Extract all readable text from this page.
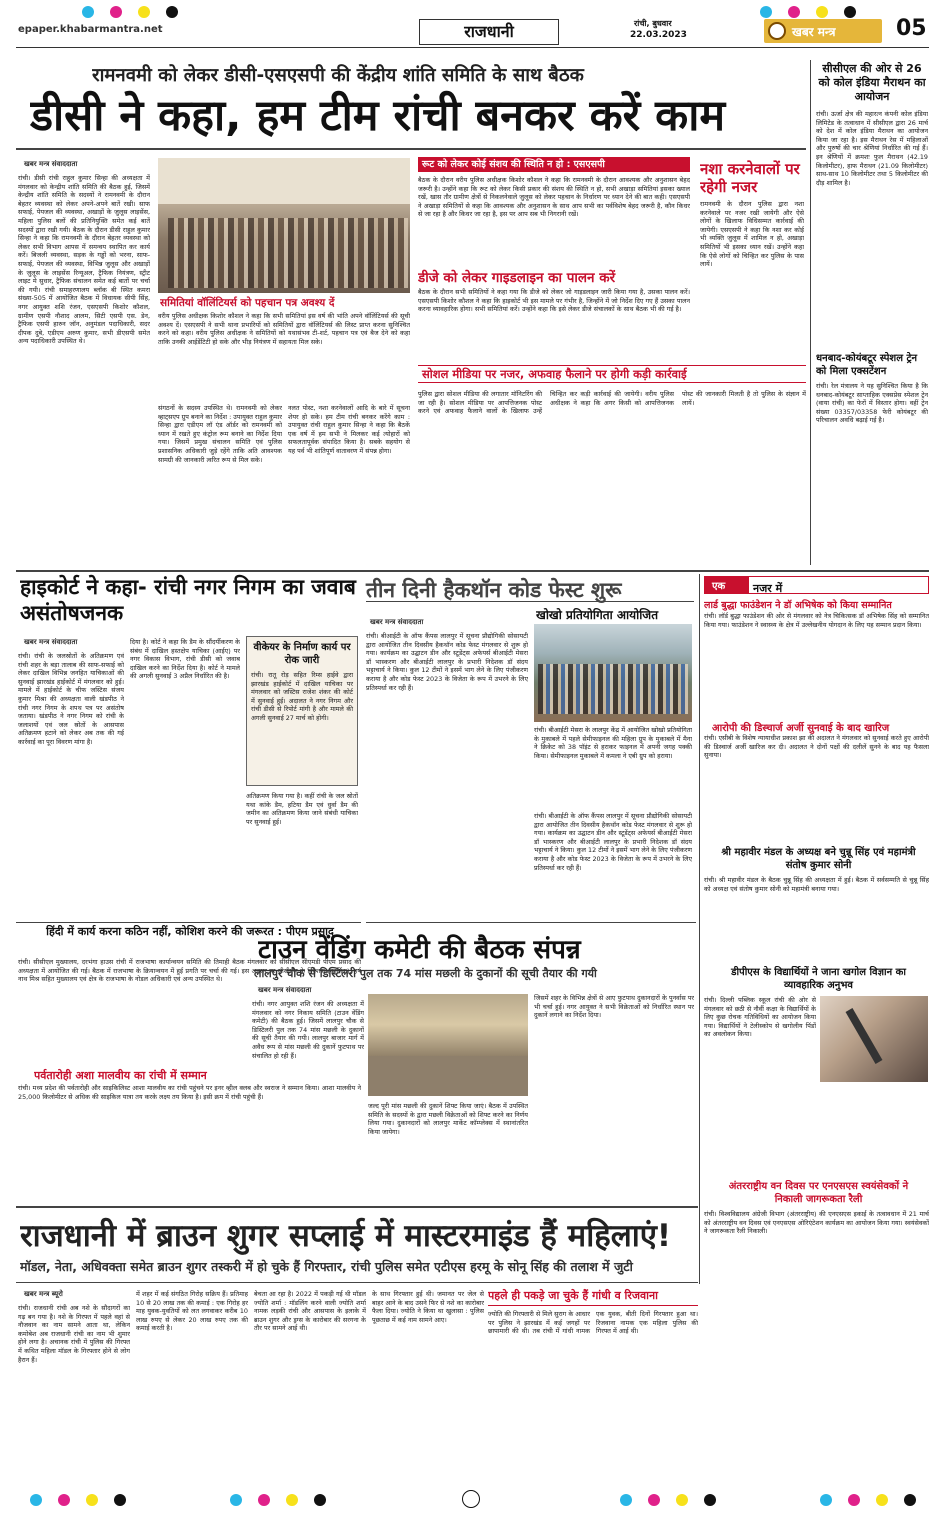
epaper.khabarmantra.net	राजधानी	रांची, बुधवार
22.03.2023	खबर मन्त्र	05
रामनवमी को लेकर डीसी-एसएसपी की केंद्रीय शांति समिति के साथ बैठक
डीसी ने कहा, हम टीम रांची बनकर करें काम
खबर मन्त्र संवाददाता
रांची। डीसी रांची राहुल कुमार सिन्हा की अध्यक्षता में मंगलवार को केन्द्रीय शांति समिति की बैठक हुई, जिसमें केन्द्रीय शांति समिति के सदस्यों ने रामनवमी के दौरान बेहतर व्यवस्था को लेकर अपने-अपने बातें रखी। साफ सफाई, पेयजल की व्यवस्था, अखाड़ों के जुलूस लाइसेंस, महिला पुलिस बलों की प्रतिनियुक्ति समेत कई बातें सदस्यों द्वारा रखी गयी। बैठक के दौरान डीसी राहुल कुमार सिन्हा ने कहा कि रामनवमी के दौरान बेहतर व्यवस्था को लेकर सभी विभाग आपस में समन्वय स्थापित कर कार्य करें। बिजली व्यवस्था, सड़क के गड्ढों को भरना, साफ-सफाई, पेयजल की व्यवस्था, विभिन्न जुलूस और अखाड़ों के जुलूस के लाइसेंस रिन्यूअल, ट्रैफिक नियंत्रण, स्ट्रीट लाइट मे सुधार, ट्रैफिक संचालन समेत कई बातों पर चर्चा की गयी। रांची समाहरणालय ब्लॉक बी स्थित कमरा संख्या-505 में आयोजित बैठक में विधायक सीपी सिंह, नगर आयुक्त शशि रंजन, एसएसपी किशोर कौशल, ग्रामीण एसपी नौशाद आलम, सिटी एसपी एस. डेन, ट्रैफिक एसपी हारुन जॉन, अनुमंडल पदाधिकारी, सदर दीपक दुबे, एडीएम अरुण कुमार, सभी डीएसपी समेत अन्य पदाधिकारी उपस्थित थे।
समितियां वॉलिंटियर्स को पहचान पत्र अवश्य दें
वरीय पुलिस अधीक्षक किशोर कौशल ने कहा कि सभी समितियां इस वर्ष की भांति अपने वॉलिंटियर्स की सूची अवश्य दें। एसएसपी ने सभी थाना प्रभारियों को समितियों द्वारा वॉलिंटियर्स की लिस्ट प्राप्त करना सुनिश्चित करने को कहा। वरीय पुलिस अधीक्षक ने समितियों को यथासंभव टी-शर्ट, पहचान पत्र एवं बैज देने को कहा ताकि उनकी आईडेंटिटी हो सके और भीड़ नियंत्रण में सहायता मिल सके।
संगठनों के सदस्य उपस्थित थे। रामनवमी को लेकर व्हाट्सएप ग्रुप बनाने का निर्देश : उपायुक्त राहुल कुमार सिन्हा द्वारा एडीएम लॉ एंड ऑर्डर को रामनवमी को ध्यान में रखते हुए कंट्रोल रूम बनाने का निर्देश दिया गया। जिसमें प्रमुख संचालन समिति एवं पुलिस प्रशासनिक अधिकारी जुड़े रहेंगे ताकि अति आवश्यक सामग्री की जानकारी त्वरित रूप से मिल सके।
नलत पोस्ट, नशा करनेवालों आदि के बारे में सूचना शेयर हो सके। हम टीम रांची बनकर करेंगे काम : उपायुक्त रांची राहुल कुमार सिन्हा ने कहा कि बैठकें एक वर्ष में हम सभी ने मिलकर कई त्योहारों को सफलतापूर्वक संपादित किया है। सबके सहयोग से यह पर्व भी शांतिपूर्ण वातावरण में संपन्न होगा।
रूट को लेकर कोई संशय की स्थिति न हो : एसएसपी
बैठक के दौरान वरीय पुलिस अधीक्षक किशोर कौशल ने कहा कि रामनवमी के दौरान आवश्यक और अनुशासन बेहद जरूरी है। उन्होंने कहा कि रूट को लेकर किसी प्रकार की संशय की स्थिति न हो, सभी अखाड़ा समितियां इसका ख्याल रखें, खास तौर ग्रामीण क्षेत्रों से निकलनेवाले जुलूस को लेकर पहचान के निर्धारण पर ध्यान देने की बात कही। एसएसपी ने अखाड़ा समितियों से कहा कि आवश्यक और अनुशासन के साथ आप सभी का पर्वविशेष बेहद जरूरी है, कौन किधर से जा रहा है और किधर जा रहा है, इस पर आप सब भी निगरानी रखें।
नशा करनेवालों पर रहेगी नजर
रामनवमी के दौरान पुलिस द्वारा नशा करनेवाले पर नजर रखी जायेगी और ऐसे लोगों के खिलाफ विधिसम्मत कार्रवाई की जायेगी। एसएसपी ने कहा कि नशा कर कोई भी व्यक्ति जुलूस में शामिल न हो, अखाड़ा समितियों भी इसका ध्यान रखें। उन्होंने कहा कि ऐसे लोगों को चिन्हित कर पुलिस के पास लायें।
डीजे को लेकर गाइडलाइन का पालन करें
बैठक के दौरान सभी समितियों ने कहा गया कि डीजे को लेकर जो गाइडलाइन जारी किया गया है, उसका पालन करें। एसएसपी किशोर कौशल ने कहा कि हाइकोर्ट भी इस मामले पर गंभीर है, जिन्होंने में जो निर्देश दिए गए हैं उसका पालन करना व्यावहारिक होगा। सभी समितियां करें। उन्होंने कहा कि इसे लेकर डीजे संचालकों के साथ बैठक भी की गई है।
सोशल मीडिया पर नजर, अफवाह फैलाने पर होगी कड़ी कार्रवाई
पुलिस द्वारा सोशल मीडिया की लगातार मॉनिटरिंग की जा रही है। सोशल मीडिया पर आपत्तिजनक पोस्ट करने एवं अफवाह फैलाने वालों के खिलाफ उन्हें चिन्हित कर कड़ी कार्रवाई की जायेगी। वरीय पुलिस अधीक्षक ने कहा कि अगर किसी को आपत्तिजनक पोस्ट की जानकारी मिलती है तो पुलिस के संज्ञान में लायें।
सीसीएल की ओर से 26 को कोल इंडिया मैराथन का आयोजन
रांची। ऊर्जा क्षेत्र की महारत्न कंपनी कोल इंडिया लिमिटेड के तत्वाधान में सीसीएल द्वारा 26 मार्च को देश में कोल इंडिया मैराथन का आयोजन किया जा रहा है। इस मैराथन रेस में महिलाओं और पुरुषों की चार श्रेणियां निर्धारित की गई हैं। इन श्रेणियों में क्रमशः फुल मैराथन (42.19 किलोमीटर), हाफ मैराथन (21.09 किलोमीटर) साथ-साथ 10 किलोमीटर तथा 5 किलोमीटर की दौड़ शामिल है।
धनबाद-कोयंबटूर स्पेशल ट्रेन को मिला एक्सटेंशन
रांची। रेल मंत्रालय ने यह सुनिश्चित किया है कि धनबाद-कोयंबटूर साप्ताहिक एक्सप्रेस स्पेशल ट्रेन (वाया रांची) का फेरों में विस्तार होगा। वहीं ट्रेन संख्या 03357/03358 फेरी कोयंबटूर की परिचालन अवधि बढ़ाई गई है।
हाइकोर्ट ने कहा- रांची नगर निगम का जवाब असंतोषजनक
खबर मन्त्र संवाददाता
रांची। रांची के जलस्रोतों के अतिक्रमण एवं रांची शहर के बड़ा तालाब की साफ-सफाई को लेकर दाखिल विभिन्न जनहित याचिकाओं की सुनवाई झारखंड हाईकोर्ट में मंगलवार को हुई। मामले में हाईकोर्ट के चीफ जस्टिस संजय कुमार मिश्रा की अध्यक्षता वाली खंडपीठ ने रांची नगर निगम के शपथ पत्र पर असंतोष जताया। खंडपीठ ने नगर निगम को रांची के जलाशयों एवं जल स्रोतों के आसपास अतिक्रमण हटाने को लेकर अब तक की गई कार्रवाई का पूरा विवरण मांगा है।
दिया है। कोर्ट ने कहा कि डैम के सौंदर्यीकरण के संबंध में दाखिल हस्तक्षेप याचिका (आईए) पर नगर विकास विभाग, रांची डीसी को जवाब दाखिल करने का निर्देश दिया है। कोर्ट ने मामले की अगली सुनवाई 3 अप्रैल निर्धारित की है।
वीकेयर के निर्माण कार्य पर रोक जारी
रांची। रातू रोड़ सहित रिम्स हाईवे द्वारा झारखंड हाईकोर्ट में दाखिल याचिका पर मंगलवार को जस्टिस राजेश शंकर की कोर्ट में सुनवाई हुई। अदालत ने नगर निगम और रांची डीसी से रिपोर्ट मांगी है और मामले की अगली सुनवाई 27 मार्च को होगी।
अतिक्रमण किया गया है। कहीं रांची के जल स्रोतों यथा कांके डैम, हटिया डैम एवं धुर्वा डैम की जमीन का अतिक्रमण किया जाने संबंधी याचिका पर सुनवाई हुई।
हिंदी में कार्य करना कठिन नहीं, कोशिश करने की जरूरत : पीएम प्रसाद
रांची। सीसीएल मुख्यालय, दरभंगा हाउस रांची में राजभाषा कार्यान्वयन समिति की तिमाही बैठक मंगलवार को सीसीएल सीएमडी पीएम प्रसाद की अध्यक्षता में आयोजित की गई। बैठक में राजभाषा के क्रियान्वयन में हुई प्रगति पर चर्चा की गई। इस अवसर पर सीसीएल के निदेशक (कार्मिक), हर्ष नाथ मिश्र सहित मुख्यालय एवं क्षेत्र के राजभाषा के नोडल अधिकारी एवं अन्य उपस्थित थे।
पर्वतारोही अशा मालवीय का रांची में सम्मान
रांची। मध्य प्रदेश की पर्वतारोही और साइकिलिस्ट आशा मालवीय का रांची पहुंचने पर इनर व्हील क्लब और स्वराज ने सम्मान किया। आशा मालवीय ने 25,000 किलोमीटर से अधिक की साइकिल यात्रा तय करके लक्ष्य तय किया है। इसी क्रम में रांची पहुंची हैं।
तीन दिनी हैकथॉन कोड फेस्ट शुरू
खोखो प्रतियोगिता आयोजित
खबर मन्त्र संवाददाता
रांची। बीआईटी के ऑफ कैंपस लालपुर में सूचना प्रौद्योगिकी सोसायटी द्वारा आयोजित तीन दिवसीय हैकथॉन कोड फेस्ट मंगलवार से शुरू हो गया। कार्यक्रम का उद्घाटन डीन और स्टूडेंट्स अफेयर्स बीआईटी मेसरा डॉ भास्करण और बीआईटी लालपुर के प्रभारी निदेशक डॉ संदय भट्टाचार्य ने किया। कुल 12 टीमों ने इसमें भाग लेने के लिए पंजीकरण कराया है और कोड फेस्ट 2023 के विजेता के रूप में उभरने के लिए प्रतिस्पर्धा कर रही हैं।
रांची। बीआईटी मेसरा के लालपुर केंद्र में आयोजित खोखो प्रतियोगिता के मुकाबले में पहले सेमीफाइनल की महिला ग्रुप के मुकाबले में मैना ने क्रिकेट को 38 पॉइंट से हराकर फाइनल में अपनी जगह पक्की किया। सेमीफाइनल मुकाबले में कमला ने एबी ग्रुप को हराया।
रांची। बीआईटी के ऑफ कैंपस लालपुर में सूचना प्रौद्योगिकी सोसायटी द्वारा आयोजित तीन दिवसीय हैकथॉन कोड फेस्ट मंगलवार से शुरू हो गया। कार्यक्रम का उद्घाटन डीन और स्टूडेंट्स अफेयर्स बीआईटी मेसरा डॉ भास्करण और बीआईटी लालपुर के प्रभारी निदेशक डॉ संदय भट्टाचार्य ने किया। कुल 12 टीमों ने इसमें भाग लेने के लिए पंजीकरण कराया है और कोड फेस्ट 2023 के विजेता के रूप में उभरने के लिए प्रतिस्पर्धा कर रही हैं।
एक	नजर में
लार्ड बुद्धा फाउंडेशन ने डॉ अभिषेक को किया सम्मानित
रांची। लॉर्ड बुद्धा फाउंडेशन की ओर से मंगलवार को नेत्र चिकित्सक डॉ अभिषेक सिंह को सम्मानित किया गया। फाउंडेशन ने स्वास्थ्य के क्षेत्र में उल्लेखनीय योगदान के लिए यह सम्मान प्रदान किया।
आरोपी की डिस्चार्ज अर्जी सुनवाई के बाद खारिज
रांची। एसीबी के विशेष न्यायाधीश प्रकाश झा की अदालत ने मंगलवार को सुनवाई करते हुए आरोपी की डिस्चार्ज अर्जी खारिज कर दी। अदालत ने दोनों पक्षों की दलीलें सुनने के बाद यह फैसला सुनाया।
श्री महावीर मंडल के अध्यक्ष बने चुन्नू सिंह एवं महामंत्री संतोष कुमार सोनी
रांची। श्री महावीर मंडल के बैठक चुन्नू सिंह की अध्यक्षता में हुई। बैठक में सर्वसम्मति से चुन्नू सिंह को अध्यक्ष एवं संतोष कुमार सोनी को महामंत्री बनाया गया।
डीपीएस के विद्यार्थियों ने जाना खगोल विज्ञान का व्यावहारिक अनुभव
रांची। दिल्ली पब्लिक स्कूल रांची की ओर से मंगलवार को छठी से नौवीं कक्षा के विद्यार्थियों के लिए कुछ रोचक गतिविधियों का आयोजन किया गया। विद्यार्थियों ने टेलीस्कोप से खगोलीय पिंडों का अवलोकन किया।
अंतरराष्ट्रीय वन दिवस पर एनएसएस स्वयंसेवकों ने निकाली जागरूकता रैली
रांची। विश्वविद्यालय अंग्रेजी विभाग (अंतरराष्ट्रीय) की एनएसएस इकाई के तत्वावधान में 21 मार्च को अंतरराष्ट्रीय वन दिवस एवं एनएसएस ओरिएंटेशन कार्यक्रम का आयोजन किया गया। स्वयंसेवकों ने जागरूकता रैली निकाली।
टाउन वेंडिंग कमेटी की बैठक संपन्न
लालपुर चौक से डिस्टिलरी पुल तक 74 मांस मछली के दुकानों की सूची तैयार की गयी
खबर मन्त्र संवाददाता
रांची। नगर आयुक्त शशि रंजन की अध्यक्षता में मंगलवार को नगर निकाय समिति (टाउन वेंडिंग कमेटी) की बैठक हुई। जिसमें लालपुर चौक से डिस्टिलरी पुल तक 74 मांस मछली के दुकानों की सूची तैयार की गयी। लालपुर बाजार मार्ग में अवैध रूप से मांस मछली की दुकानें फुटपाथ पर संचालित हो रही हैं।
जल्द पूरी मांस मछली की दुकानें शिफ्ट किया जाएं। बैठक में उपस्थित समिति के सदस्यों के द्वारा मछली विक्रेताओं को शिफ्ट करने का निर्णय लिया गया। दुकानदारों को लालपुर मार्केट कॉम्प्लेक्स में स्थानांतरित किया जायेगा।
जिसमें शहर के विभिन्न क्षेत्रों से आए फुटपाथ दुकानदारों के पुनर्वास पर भी चर्चा हुई। नगर आयुक्त ने सभी विक्रेताओं को निर्धारित स्थान पर दुकानें लगाने का निर्देश दिया।
राजधानी में ब्राउन शुगर सप्लाई में मास्टरमाइंड हैं महिलाएं!
मॉडल, नेता, अधिवक्ता समेत ब्राउन शुगर तस्करी में हो चुके हैं गिरफ्तार, रांची पुलिस समेत एटीएस हरमू के सोनू सिंह की तलाश में जुटी
खबर मन्त्र ब्यूरो
रांची। राजधानी रांची अब नशे के सौदागरों का गढ़ बन गया है। नशे के गिरफ्त में पहले वहां से नौजवान का नाम सामने आता था, लेकिन कमोबेश अब राजधानी रांची का नाम भी शुमार होने लगा है। अचानक रांची में पुलिस की गिरफ्त में कथित महिला मॉडल के गिरफ्तार होने से लोग हैरान हैं।
में शहर में कई संगठित गिरोह सक्रिय हैं। प्रतिमाह 10 से 20 लाख तक की कमाई : एक गिरोह हर माह युवक-युवतियों को लत लगवाकर करीब 10 लाख रुपए से लेकर 20 लाख रुपए तक की कमाई करती है।
बेचता आ रहा है। 2022 में पकड़ी गई थी मॉडल ज्योति शर्मा : मॉडलिंग करने वाली ज्योति शर्मा नामक लड़की रांची और आसपास के इलाके में ब्राउन शुगर और ड्रग्स के कारोबार की सरगना के तौर पर सामने आई थी।
के साथ गिरफ्तार हुई थी। जमानत पर जेल से बाहर आने के बाद उसने फिर से नशे का कारोबार फैला दिया। ज्योति ने किया था खुलासा : पुलिस पूछताछ में कई नाम सामने आए।
पहले ही पकड़े जा चुके हैं गांधी व रिजवाना
ज्योति की गिरफ्तारी से मिले सुराग के आधार पर पुलिस ने झारखंड में कई जगहों पर छापामारी की थी। तब रांची में गांधी नामक एक युवक, बीती दिनों गिरफ्तार हुआ था। रिजवाना नामक एक महिला पुलिस की गिरफ्त में आई थी।
